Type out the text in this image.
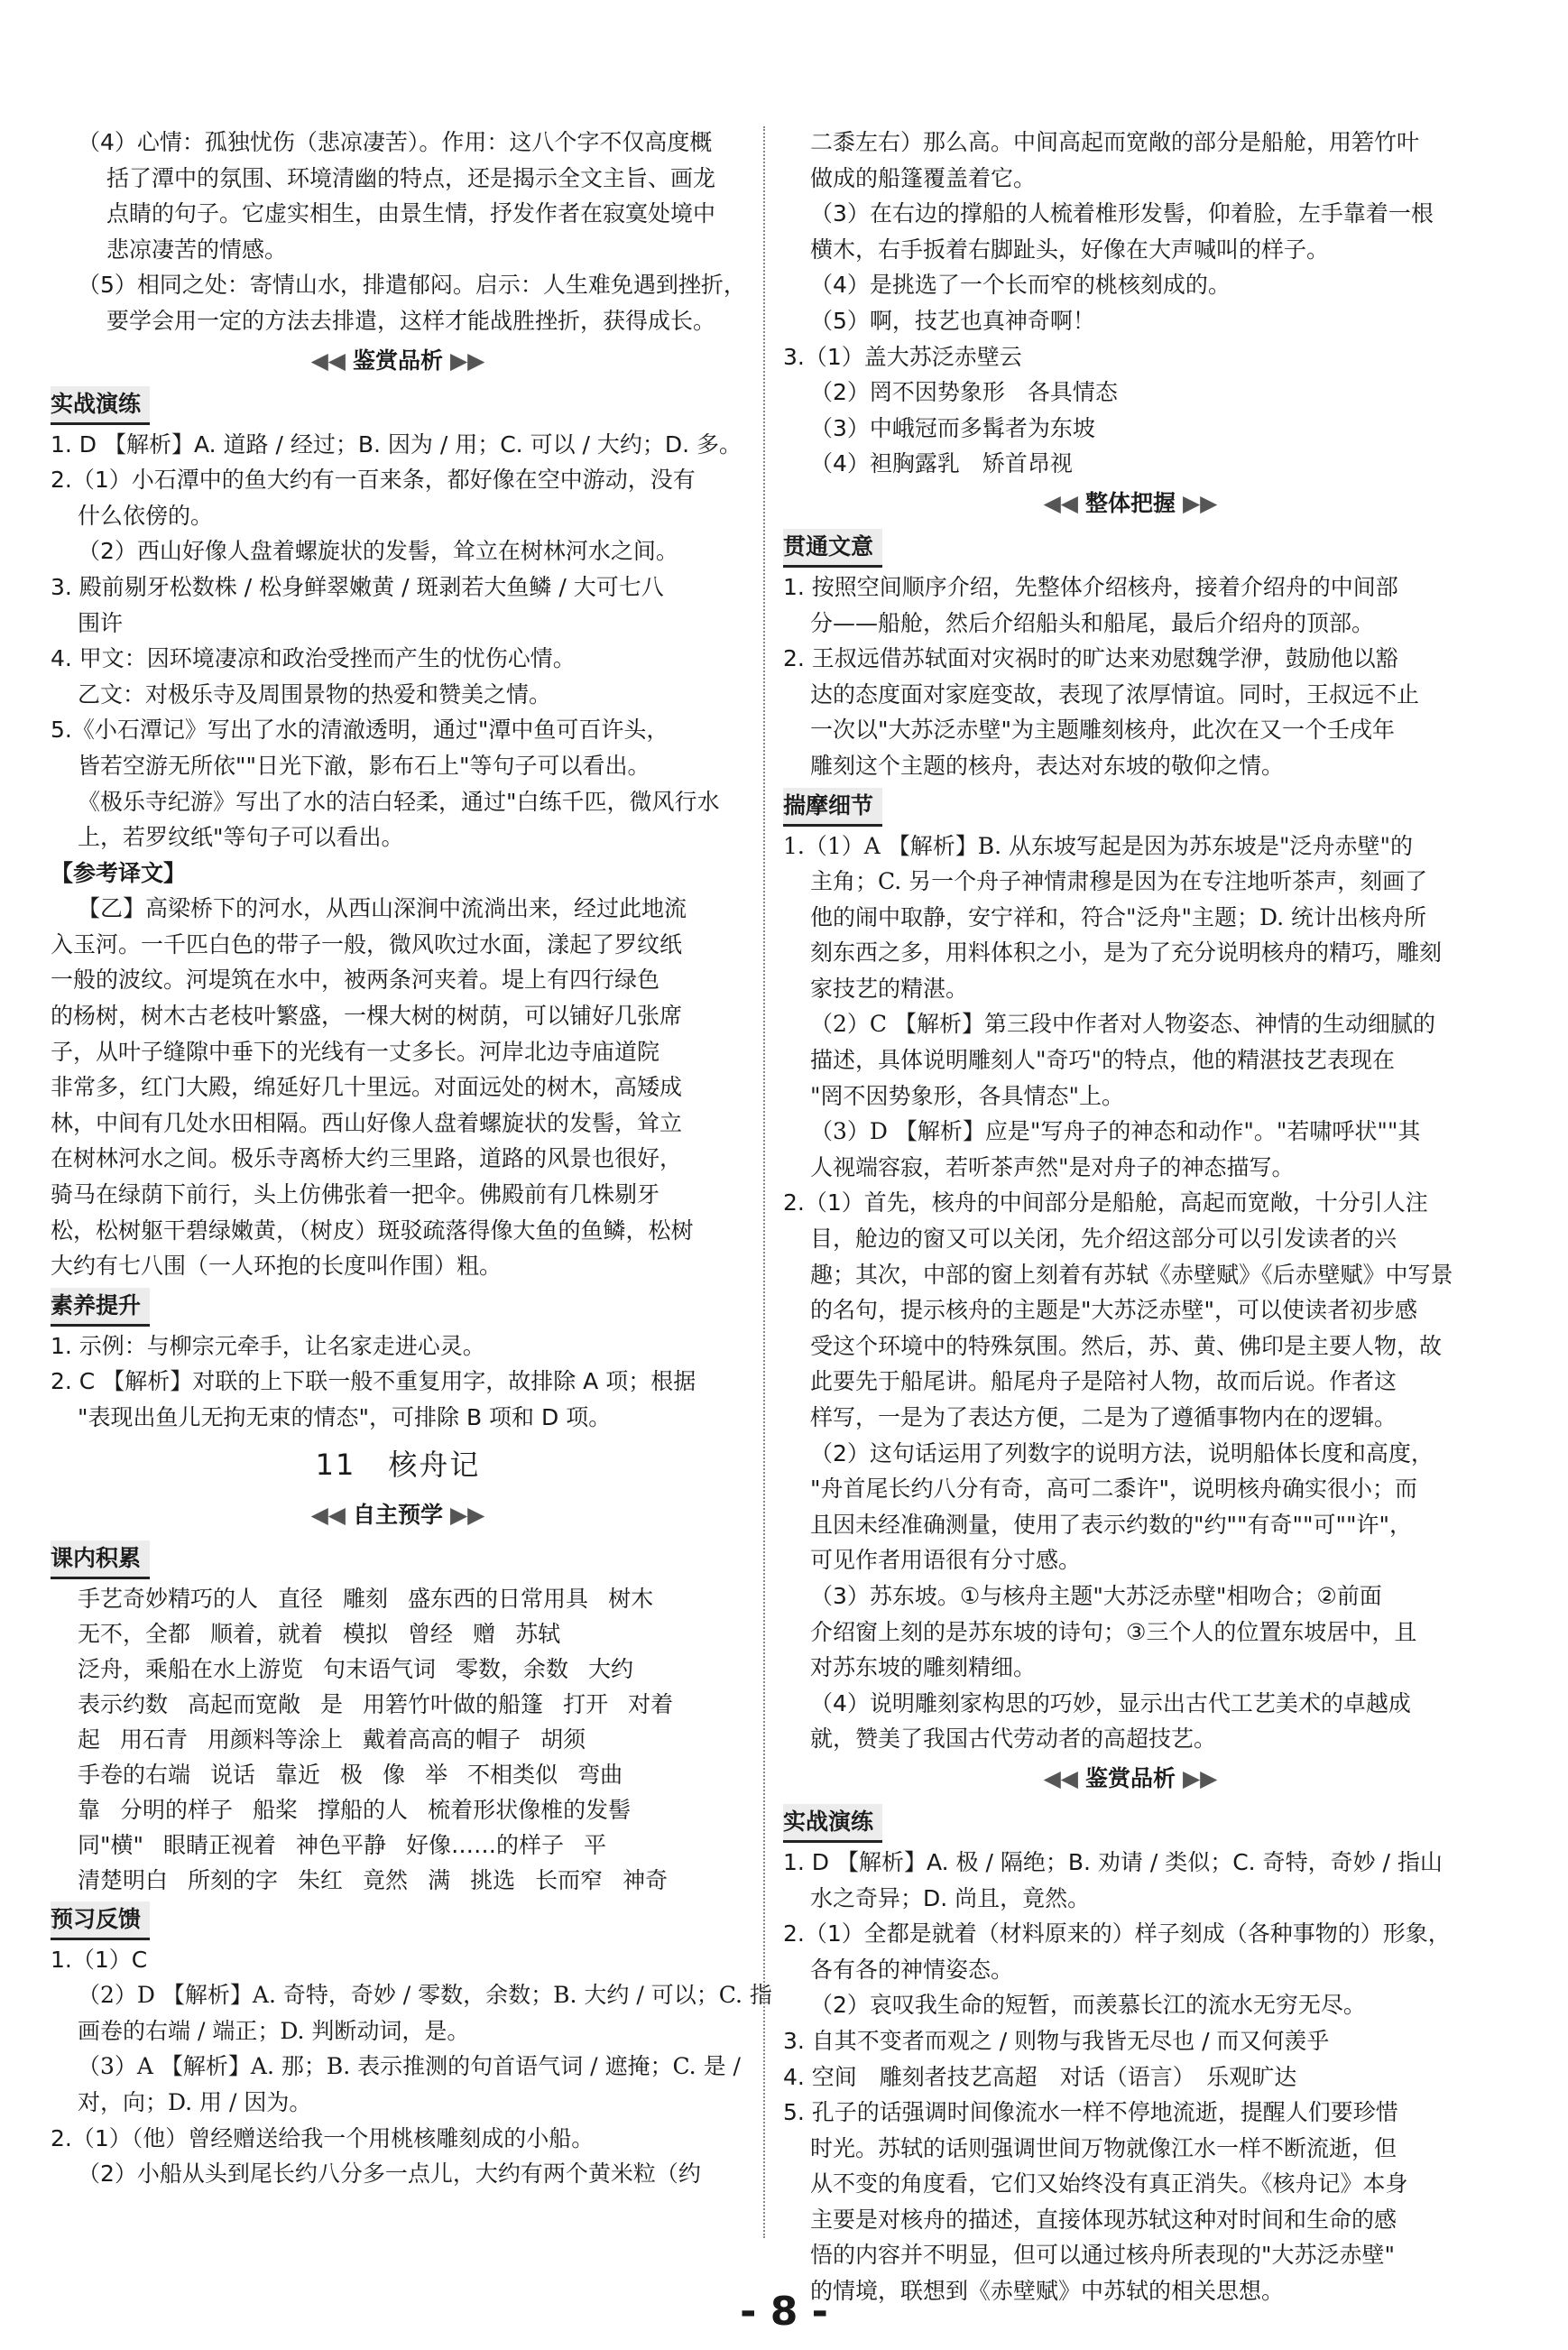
（4）心情：孤独忧伤（悲凉凄苦）。作用：这八个字不仅高度概
括了潭中的氛围、环境清幽的特点，还是揭示全文主旨、画龙
点睛的句子。它虚实相生，由景生情，抒发作者在寂寞处境中
悲凉凄苦的情感。
（5）相同之处：寄情山水，排遣郁闷。启示：人生难免遇到挫折，
要学会用一定的方法去排遣，这样才能战胜挫折，获得成长。
◀◀ 鉴赏品析 ▶▶
实战演练
1. D 【解析】A. 道路 / 经过；B. 因为 / 用；C. 可以 / 大约；D. 多。
2.（1）小石潭中的鱼大约有一百来条，都好像在空中游动，没有
什么依傍的。
（2）西山好像人盘着螺旋状的发髻，耸立在树林河水之间。
3. 殿前剔牙松数株 / 松身鲜翠嫩黄 / 斑剥若大鱼鳞 / 大可七八
围许
4. 甲文：因环境凄凉和政治受挫而产生的忧伤心情。
乙文：对极乐寺及周围景物的热爱和赞美之情。
5.《小石潭记》写出了水的清澈透明，通过"潭中鱼可百许头，
皆若空游无所依""日光下澈，影布石上"等句子可以看出。
《极乐寺纪游》写出了水的洁白轻柔，通过"白练千匹，微风行水
上，若罗纹纸"等句子可以看出。
【参考译文】
【乙】高梁桥下的河水，从西山深涧中流淌出来，经过此地流
入玉河。一千匹白色的带子一般，微风吹过水面，漾起了罗纹纸
一般的波纹。河堤筑在水中，被两条河夹着。堤上有四行绿色
的杨树，树木古老枝叶繁盛，一棵大树的树荫，可以铺好几张席
子，从叶子缝隙中垂下的光线有一丈多长。河岸北边寺庙道院
非常多，红门大殿，绵延好几十里远。对面远处的树木，高矮成
林，中间有几处水田相隔。西山好像人盘着螺旋状的发髻，耸立
在树林河水之间。极乐寺离桥大约三里路，道路的风景也很好，
骑马在绿荫下前行，头上仿佛张着一把伞。佛殿前有几株剔牙
松，松树躯干碧绿嫩黄，（树皮）斑驳疏落得像大鱼的鱼鳞，松树
大约有七八围（一人环抱的长度叫作围）粗。
素养提升
1. 示例：与柳宗元牵手，让名家走进心灵。
2. C 【解析】对联的上下联一般不重复用字，故排除 A 项；根据
"表现出鱼儿无拘无束的情态"，可排除 B 项和 D 项。
11 核舟记
◀◀ 自主预学 ▶▶
课内积累
手艺奇妙精巧的人 直径 雕刻 盛东西的日常用具 树木
无不，全都 顺着，就着 模拟 曾经 赠 苏轼
泛舟，乘船在水上游览 句末语气词 零数，余数 大约
表示约数 高起而宽敞 是 用箬竹叶做的船篷 打开 对着
起 用石青 用颜料等涂上 戴着高高的帽子 胡须
手卷的右端 说话 靠近 极 像 举 不相类似 弯曲
靠 分明的样子 船桨 撑船的人 梳着形状像椎的发髻
同"横" 眼睛正视着 神色平静 好像……的样子 平
清楚明白 所刻的字 朱红 竟然 满 挑选 长而窄 神奇
预习反馈
1.（1）C
（2）D 【解析】A. 奇特，奇妙 / 零数，余数；B. 大约 / 可以；C. 指
画卷的右端 / 端正；D. 判断动词，是。
（3）A 【解析】A. 那；B. 表示推测的句首语气词 / 遮掩；C. 是 /
对，向；D. 用 / 因为。
2.（1）（他）曾经赠送给我一个用桃核雕刻成的小船。
（2）小船从头到尾长约八分多一点儿，大约有两个黄米粒（约
二黍左右）那么高。中间高起而宽敞的部分是船舱，用箬竹叶
做成的船篷覆盖着它。
（3）在右边的撑船的人梳着椎形发髻，仰着脸，左手靠着一根
横木，右手扳着右脚趾头，好像在大声喊叫的样子。
（4）是挑选了一个长而窄的桃核刻成的。
（5）啊，技艺也真神奇啊！
3.（1）盖大苏泛赤壁云
（2）罔不因势象形　各具情态
（3）中峨冠而多髯者为东坡
（4）袒胸露乳　矫首昂视
◀◀ 整体把握 ▶▶
贯通文意
1. 按照空间顺序介绍，先整体介绍核舟，接着介绍舟的中间部
分——船舱，然后介绍船头和船尾，最后介绍舟的顶部。
2. 王叔远借苏轼面对灾祸时的旷达来劝慰魏学洢，鼓励他以豁
达的态度面对家庭变故，表现了浓厚情谊。同时，王叔远不止
一次以"大苏泛赤壁"为主题雕刻核舟，此次在又一个壬戌年
雕刻这个主题的核舟，表达对东坡的敬仰之情。
揣摩细节
1.（1）A 【解析】B. 从东坡写起是因为苏东坡是"泛舟赤壁"的
主角；C. 另一个舟子神情肃穆是因为在专注地听茶声，刻画了
他的闹中取静，安宁祥和，符合"泛舟"主题；D. 统计出核舟所
刻东西之多，用料体积之小，是为了充分说明核舟的精巧，雕刻
家技艺的精湛。
（2）C 【解析】第三段中作者对人物姿态、神情的生动细腻的
描述，具体说明雕刻人"奇巧"的特点，他的精湛技艺表现在
"罔不因势象形，各具情态"上。
（3）D 【解析】应是"写舟子的神态和动作"。"若啸呼状""其
人视端容寂，若听茶声然"是对舟子的神态描写。
2.（1）首先，核舟的中间部分是船舱，高起而宽敞，十分引人注
目，舱边的窗又可以关闭，先介绍这部分可以引发读者的兴
趣；其次，中部的窗上刻着有苏轼《赤壁赋》《后赤壁赋》中写景
的名句，提示核舟的主题是"大苏泛赤壁"，可以使读者初步感
受这个环境中的特殊氛围。然后，苏、黄、佛印是主要人物，故
此要先于船尾讲。船尾舟子是陪衬人物，故而后说。作者这
样写，一是为了表达方便，二是为了遵循事物内在的逻辑。
（2）这句话运用了列数字的说明方法，说明船体长度和高度，
"舟首尾长约八分有奇，高可二黍许"，说明核舟确实很小；而
且因未经准确测量，使用了表示约数的"约""有奇""可""许"，
可见作者用语很有分寸感。
（3）苏东坡。①与核舟主题"大苏泛赤壁"相吻合；②前面
介绍窗上刻的是苏东坡的诗句；③三个人的位置东坡居中，且
对苏东坡的雕刻精细。
（4）说明雕刻家构思的巧妙，显示出古代工艺美术的卓越成
就，赞美了我国古代劳动者的高超技艺。
◀◀ 鉴赏品析 ▶▶
实战演练
1. D 【解析】A. 极 / 隔绝；B. 劝请 / 类似；C. 奇特，奇妙 / 指山
水之奇异；D. 尚且，竟然。
2.（1）全都是就着（材料原来的）样子刻成（各种事物的）形象，
各有各的神情姿态。
（2）哀叹我生命的短暂，而羡慕长江的流水无穷无尽。
3. 自其不变者而观之 / 则物与我皆无尽也 / 而又何羡乎
4. 空间　雕刻者技艺高超　对话（语言）　乐观旷达
5. 孔子的话强调时间像流水一样不停地流逝，提醒人们要珍惜
时光。苏轼的话则强调世间万物就像江水一样不断流逝，但
从不变的角度看，它们又始终没有真正消失。《核舟记》本身
主要是对核舟的描述，直接体现苏轼这种对时间和生命的感
悟的内容并不明显，但可以通过核舟所表现的"大苏泛赤壁"
的情境，联想到《赤壁赋》中苏轼的相关思想。
- 8 -
